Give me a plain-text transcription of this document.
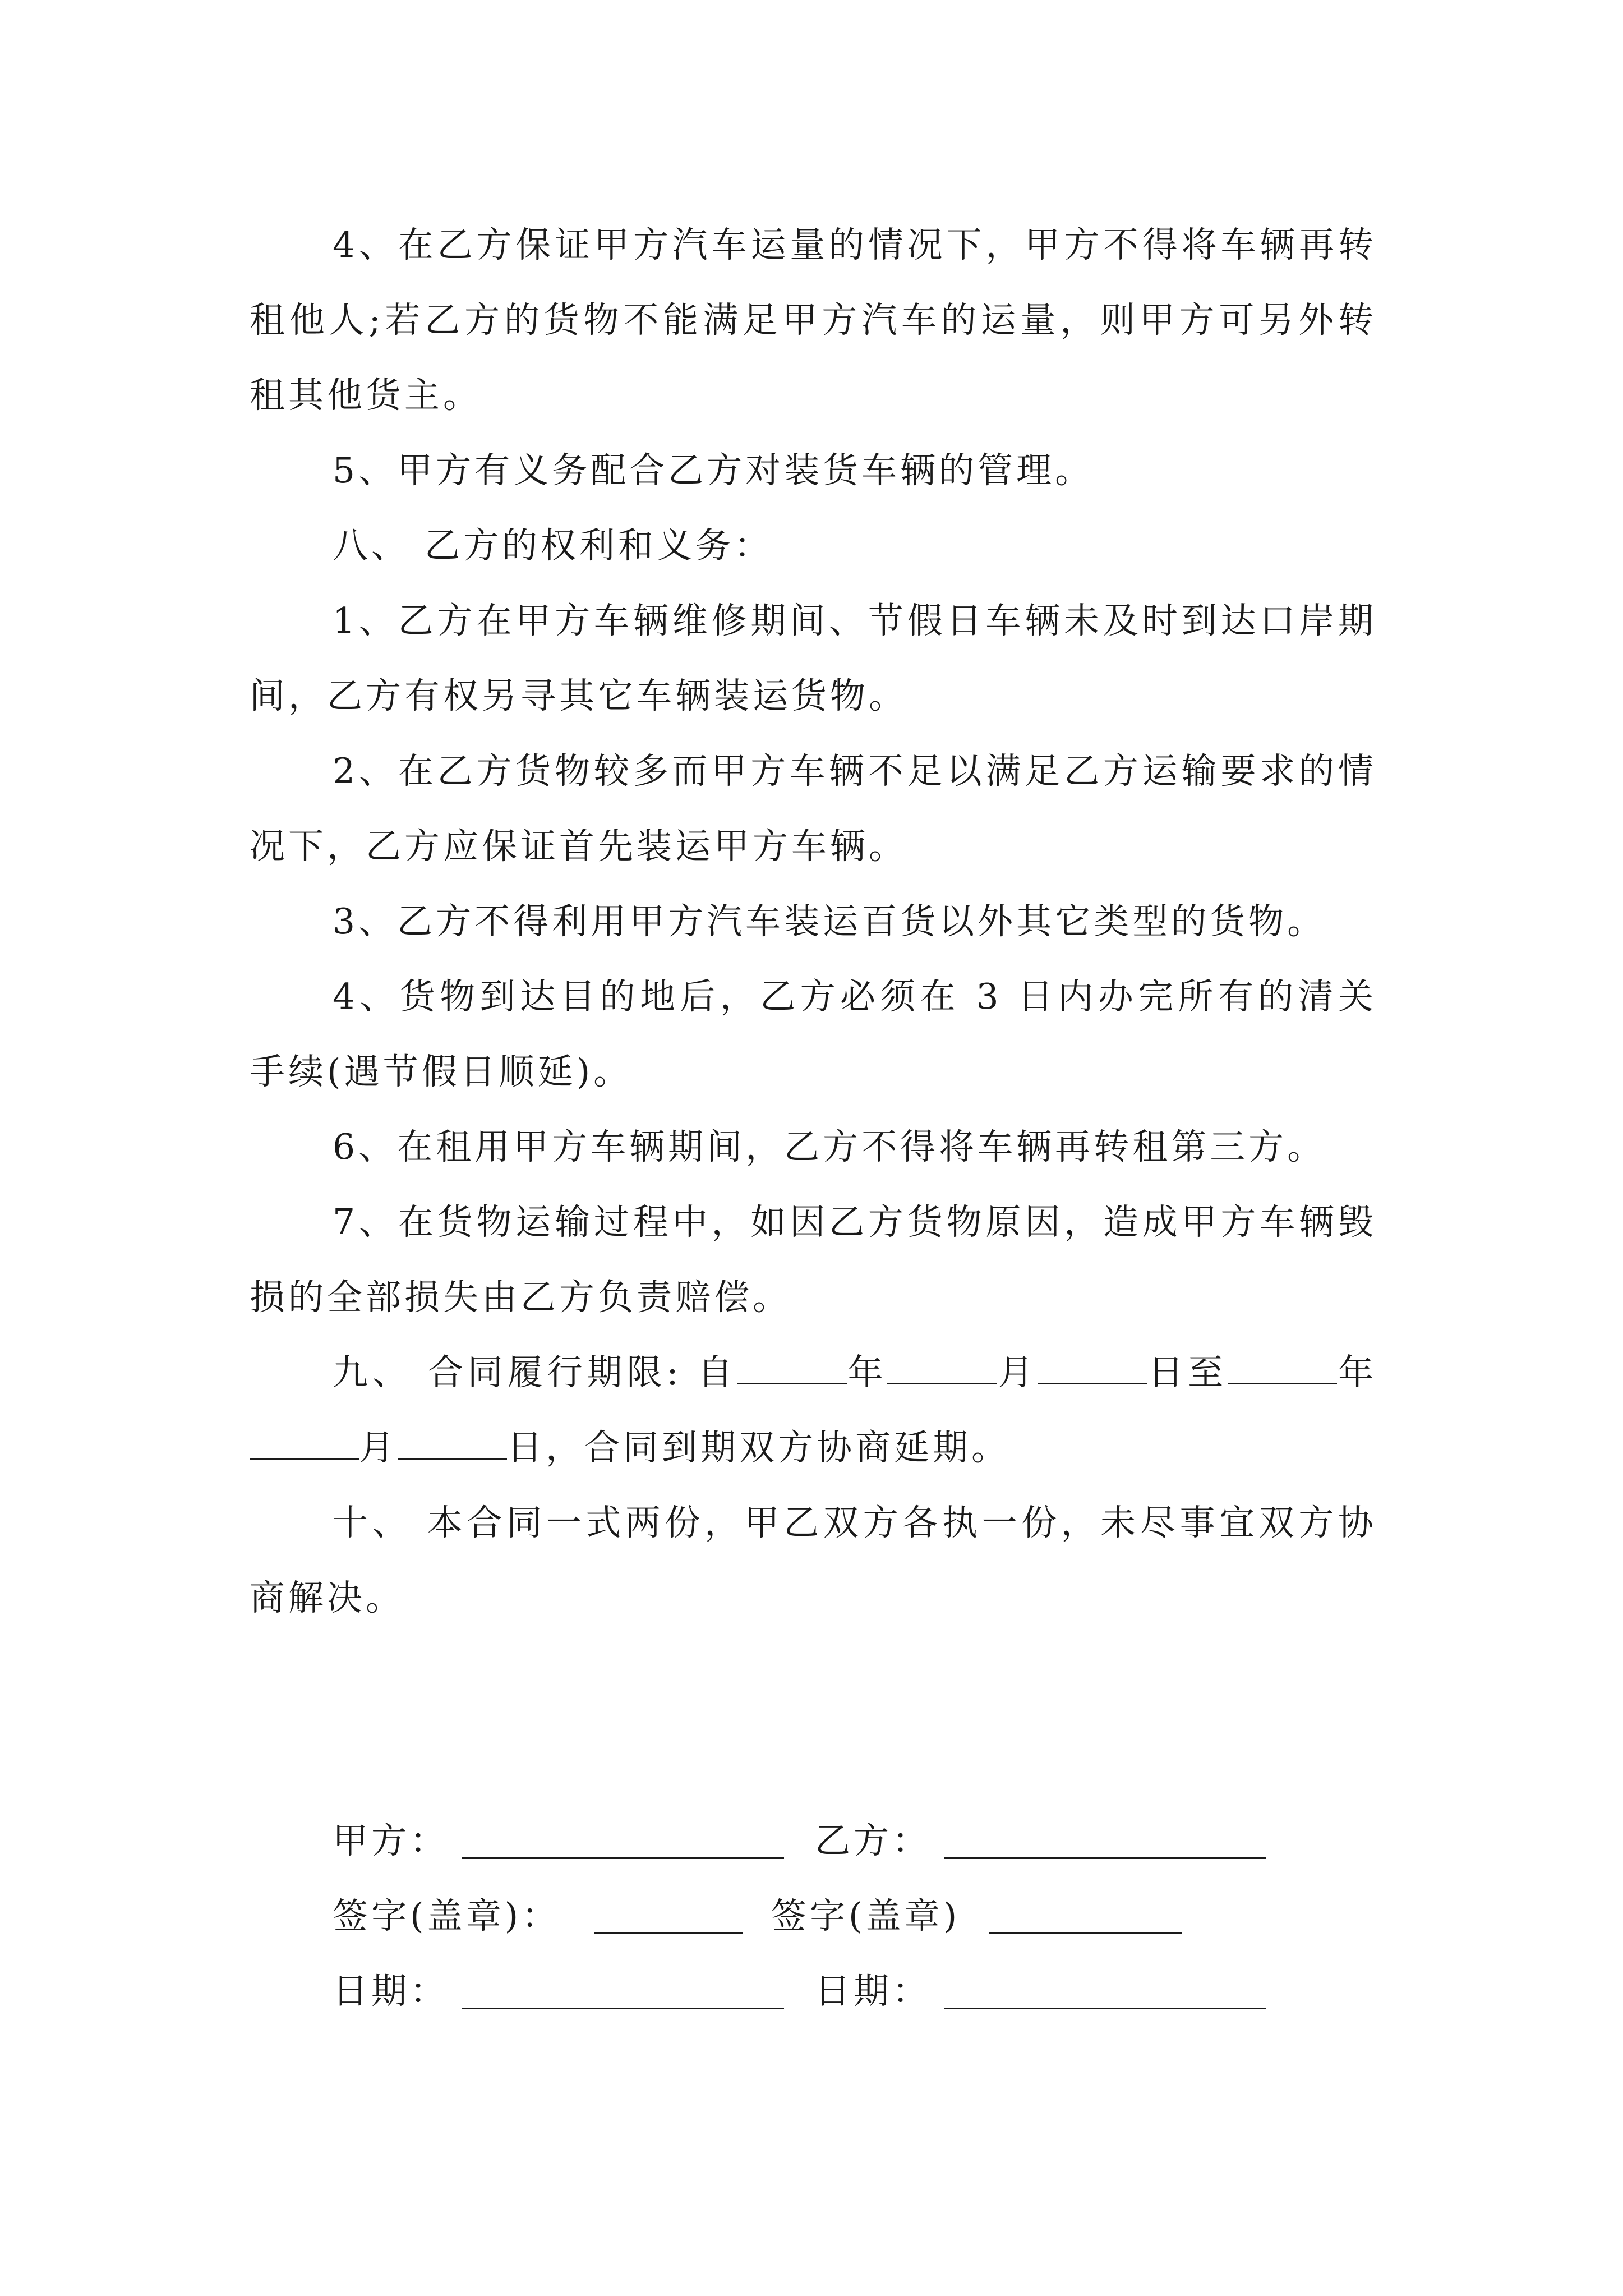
4、在乙方保证甲方汽车运量的情况下，甲方不得将车辆再转租他人;若乙方的货物不能满足甲方汽车的运量，则甲方可另外转租其他货主。

5、甲方有义务配合乙方对装货车辆的管理。

八、 乙方的权利和义务：

1、乙方在甲方车辆维修期间、节假日车辆未及时到达口岸期间，乙方有权另寻其它车辆装运货物。

2、在乙方货物较多而甲方车辆不足以满足乙方运输要求的情况下，乙方应保证首先装运甲方车辆。

3、乙方不得利用甲方汽车装运百货以外其它类型的货物。

4、货物到达目的地后，乙方必须在 3 日内办完所有的清关手续(遇节假日顺延)。

6、在租用甲方车辆期间，乙方不得将车辆再转租第三方。

7、在货物运输过程中，如因乙方货物原因，造成甲方车辆毁损的全部损失由乙方负责赔偿。

九、 合同履行期限: 自	年	月	日至	年月	日，合同到期双方协商延期。

十、 本合同一式两份，甲乙双方各执一份，未尽事宜双方协商解决。

甲方：	乙方：
签字(盖章)：	签字(盖章)
日期：	日期：
